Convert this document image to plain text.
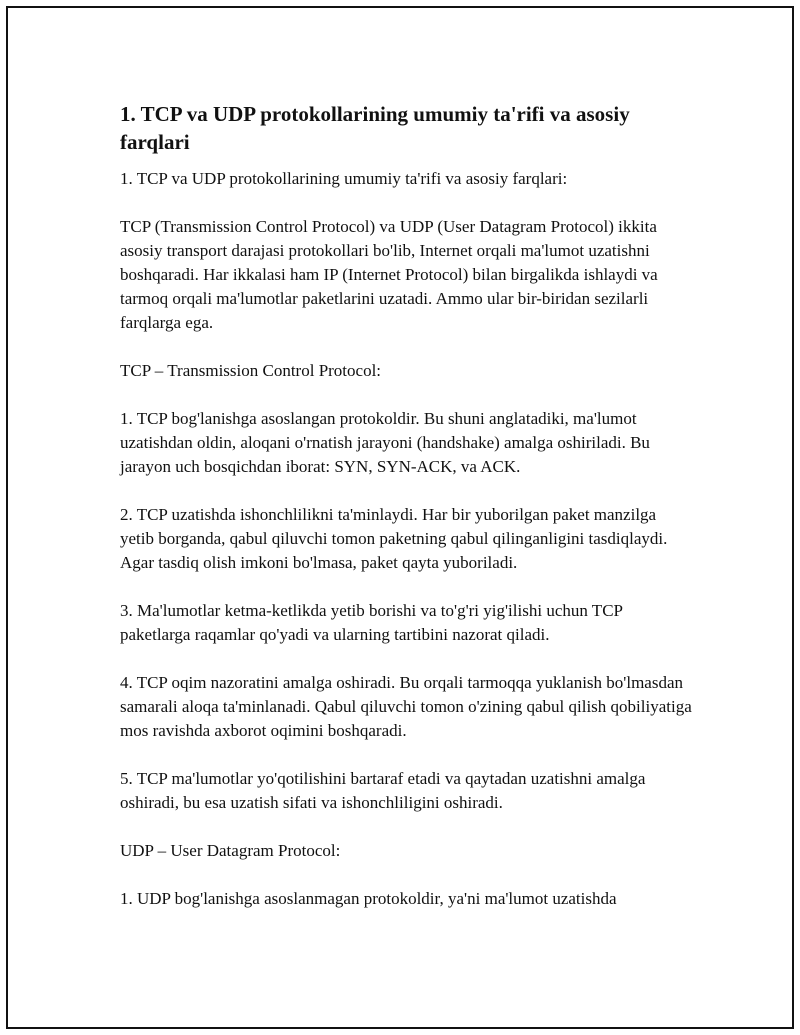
1. TCP va UDP protokollarining umumiy ta'rifi va asosiy farqlari

1. TCP va UDP protokollarining umumiy ta'rifi va asosiy farqlari:

TCP (Transmission Control Protocol) va UDP (User Datagram Protocol) ikkita asosiy transport darajasi protokollari bo'lib, Internet orqali ma'lumot uzatishni boshqaradi. Har ikkalasi ham IP (Internet Protocol) bilan birgalikda ishlaydi va tarmoq orqali ma'lumotlar paketlarini uzatadi. Ammo ular bir-biridan sezilarli farqlarga ega.

TCP – Transmission Control Protocol:

1. TCP bog'lanishga asoslangan protokoldir. Bu shuni anglatadiki, ma'lumot uzatishdan oldin, aloqani o'rnatish jarayoni (handshake) amalga oshiriladi. Bu jarayon uch bosqichdan iborat: SYN, SYN-ACK, va ACK.

2. TCP uzatishda ishonchlilikni ta'minlaydi. Har bir yuborilgan paket manzilga yetib borganda, qabul qiluvchi tomon paketning qabul qilinganligini tasdiqlaydi. Agar tasdiq olish imkoni bo'lmasa, paket qayta yuboriladi.

3. Ma'lumotlar ketma-ketlikda yetib borishi va to'g'ri yig'ilishi uchun TCP paketlarga raqamlar qo'yadi va ularning tartibini nazorat qiladi.

4. TCP oqim nazoratini amalga oshiradi. Bu orqali tarmoqqa yuklanish bo'lmasdan samarali aloqa ta'minlanadi. Qabul qiluvchi tomon o'zining qabul qilish qobiliyatiga mos ravishda axborot oqimini boshqaradi.

5. TCP ma'lumotlar yo'qotilishini bartaraf etadi va qaytadan uzatishni amalga oshiradi, bu esa uzatish sifati va ishonchliligini oshiradi.

UDP – User Datagram Protocol:

1. UDP bog'lanishga asoslanmagan protokoldir, ya'ni ma'lumot uzatishda
